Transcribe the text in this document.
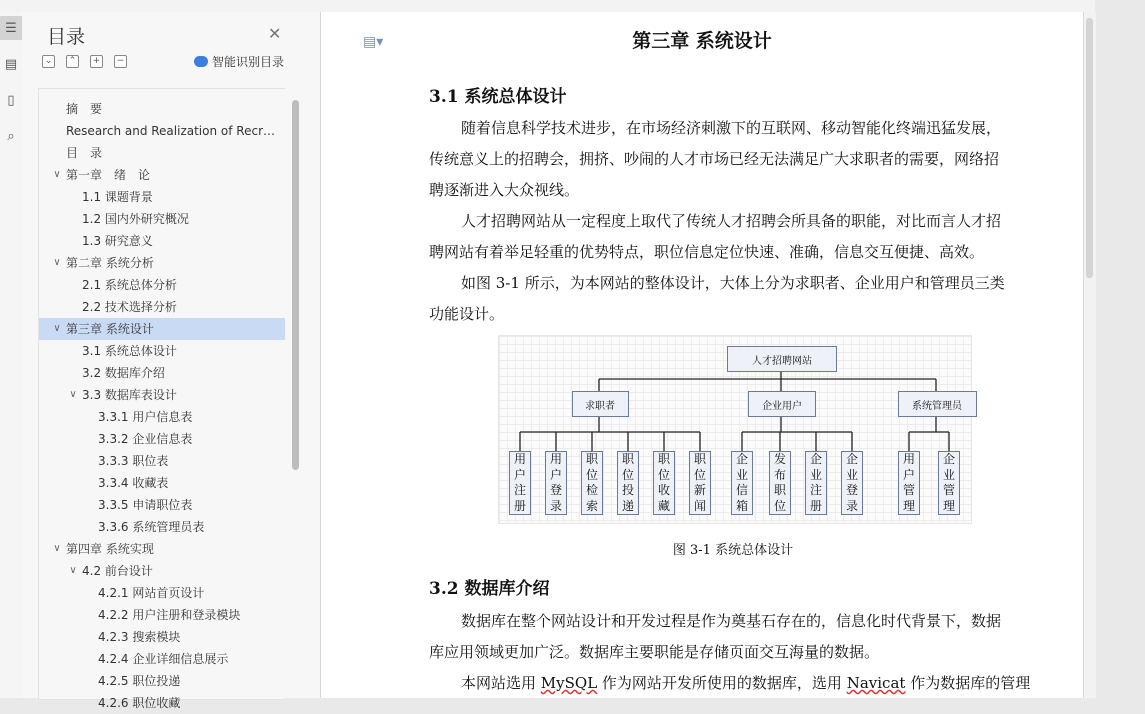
☰
▤
▯
⌕
目录	✕
⌄	⌃	+	−	智能识别目录
摘　要
Research and Realization of Recr…
目　录
∨ 第一章　绪　论
1.1 课题背景
1.2 国内外研究概况
1.3 研究意义
∨ 第二章 系统分析
2.1 系统总体分析
2.2 技术选择分析
∨ 第三章 系统设计
3.1 系统总体设计
3.2 数据库介绍
∨ 3.3 数据库表设计
3.3.1 用户信息表
3.3.2 企业信息表
3.3.3 职位表
3.3.4 收藏表
3.3.5 申请职位表
3.3.6 系统管理员表
∨ 第四章 系统实现
∨ 4.2 前台设计
4.2.1 网站首页设计
4.2.2 用户注册和登录模块
4.2.3 搜索模块
4.2.4 企业详细信息展示
4.2.5 职位投递
4.2.6 职位收藏
▤▾	第三章 系统设计
3.1 系统总体设计
随着信息科学技术进步，在市场经济刺激下的互联网、移动智能化终端迅猛发展，
传统意义上的招聘会，拥挤、吵闹的人才市场已经无法满足广大求职者的需要，网络招
聘逐渐进入大众视线。
人才招聘网站从一定程度上取代了传统人才招聘会所具备的职能，对比而言人才招
聘网站有着举足轻重的优势特点，职位信息定位快速、准确，信息交互便捷、高效。
如图 3-1 所示，为本网站的整体设计，大体上分为求职者、企业用户和管理员三类
功能设计。
人才招聘网站
求职者
用户注册
用户登录
职位检索
职位投递
职位收藏
职位新闻
企业用户
企业信箱
发布职位
企业注册
企业登录
系统管理员
用户管理
企业管理
图 3-1 系统总体设计
3.2 数据库介绍
数据库在整个网站设计和开发过程是作为奠基石存在的，信息化时代背景下，数据
库应用领域更加广泛。数据库主要职能是存储页面交互海量的数据。
本网站选用 MySQL 作为网站开发所使用的数据库，选用 Navicat 作为数据库的管理
